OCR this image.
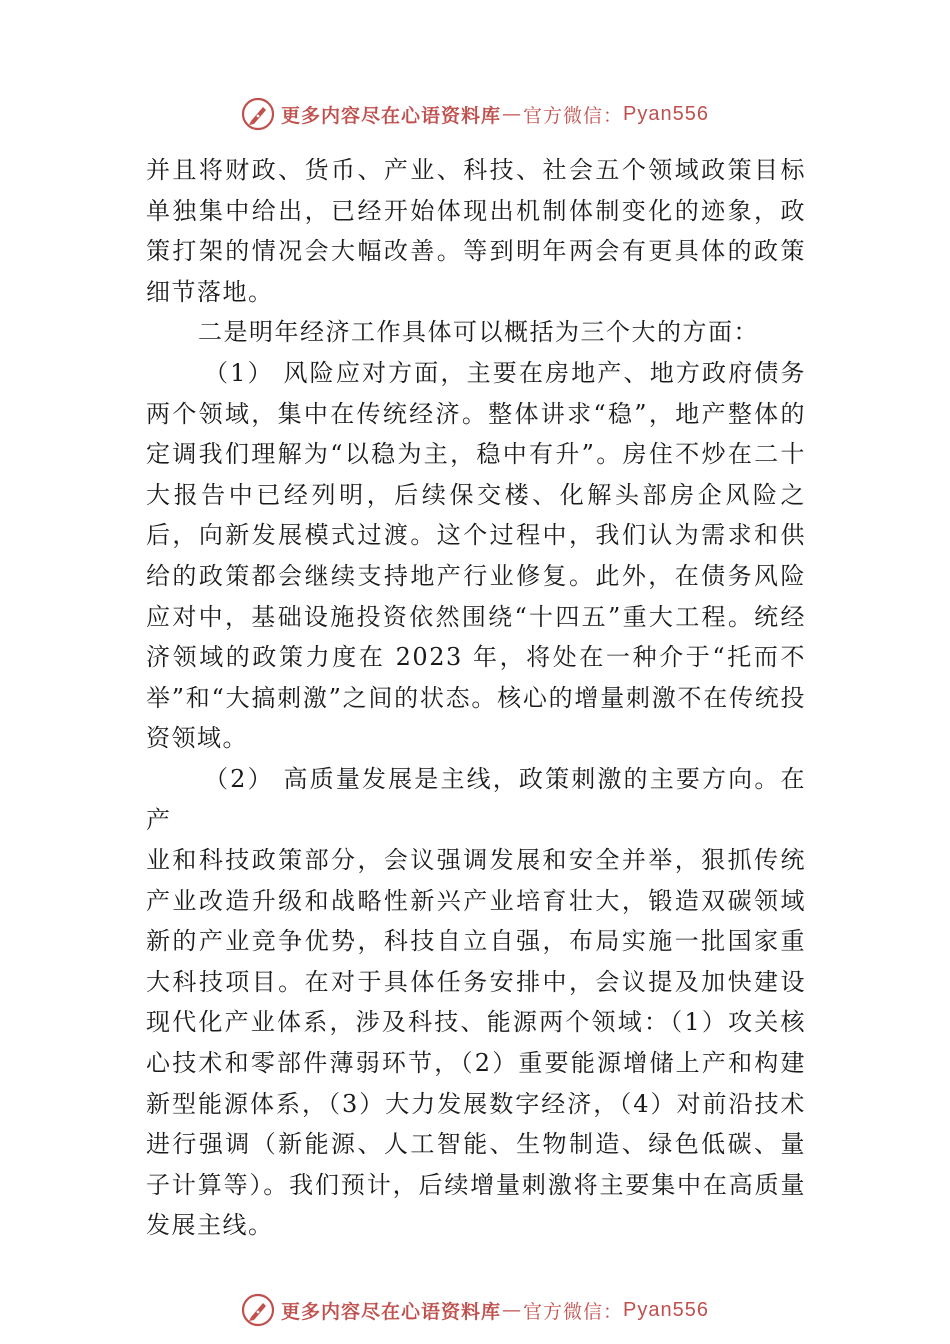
更多内容尽在心语资料库 — 官方微信： Pyan556

并且将财政、货币、产业、科技、社会五个领域政策目标单独集中给出，已经开始体现出机制体制变化的迹象，政策打架的情况会大幅改善。等到明年两会有更具体的政策细节落地。

二是明年经济工作具体可以概括为三个大的方面：

（1） 风险应对方面，主要在房地产、地方政府债务两个领域，集中在传统经济。整体讲求“稳”，地产整体的定调我们理解为“以稳为主，稳中有升”。房住不炒在二十大报告中已经列明，后续保交楼、化解头部房企风险之后，向新发展模式过渡。这个过程中，我们认为需求和供给的政策都会继续支持地产行业修复。此外，在债务风险应对中，基础设施投资依然围绕“十四五”重大工程。统经济领域的政策力度在 2023 年，将处在一种介于“托而不举”和“大搞刺激”之间的状态。核心的增量刺激不在传统投资领域。

（2） 高质量发展是主线，政策刺激的主要方向。在产

业和科技政策部分，会议强调发展和安全并举，狠抓传统产业改造升级和战略性新兴产业培育壮大，锻造双碳领域新的产业竞争优势，科技自立自强，布局实施一批国家重大科技项目。在对于具体任务安排中，会议提及加快建设现代化产业体系，涉及科技、能源两个领域：（1）攻关核心技术和零部件薄弱环节，（2）重要能源增储上产和构建新型能源体系，（3）大力发展数字经济，（4）对前沿技术进行强调（新能源、人工智能、生物制造、绿色低碳、量子计算等）。我们预计，后续增量刺激将主要集中在高质量发展主线。

更多内容尽在心语资料库 — 官方微信： Pyan556
